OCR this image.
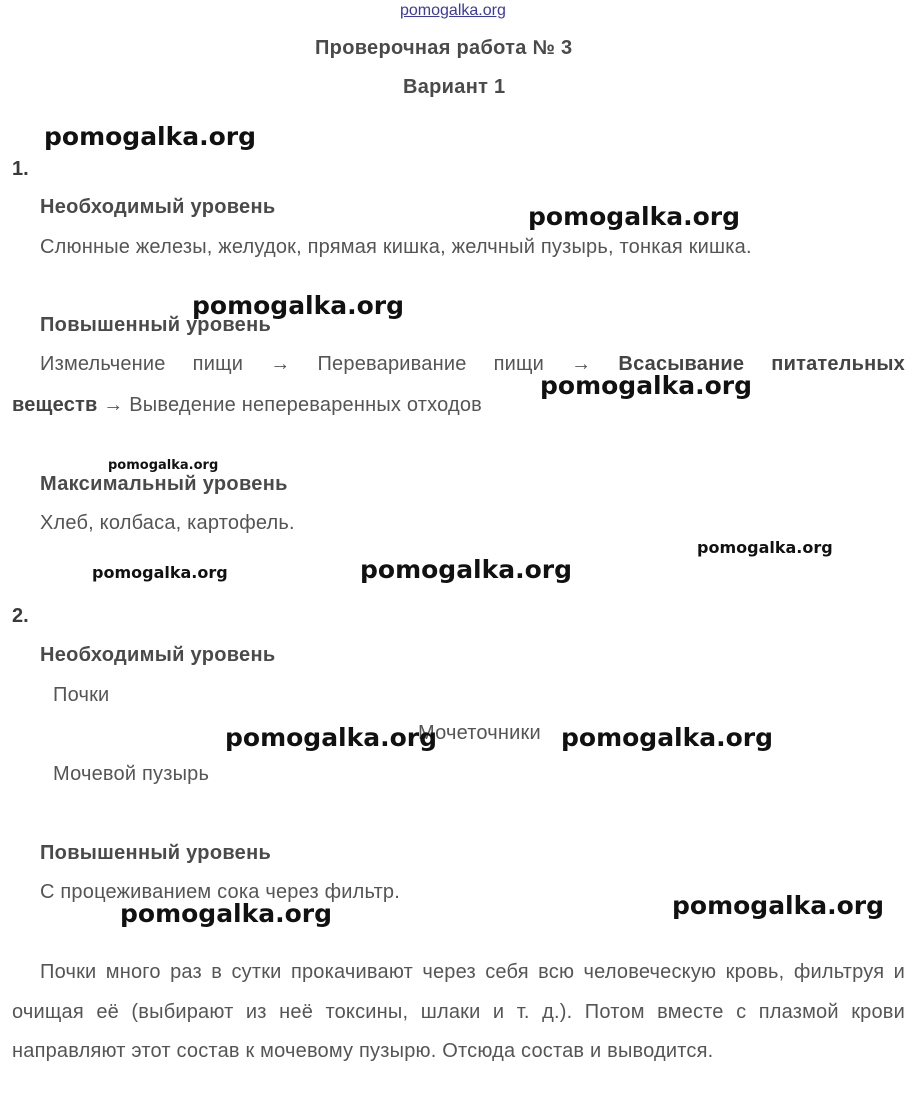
pomogalka.org
Проверочная работа № 3
Вариант 1
1.
Необходимый уровень
Слюнные железы, желудок, прямая кишка, желчный пузырь, тонкая кишка.
Повышенный уровень
Измельчение пищи → Переваривание пищи → Всасывание питательных
веществ → Выведение непереваренных отходов
Максимальный уровень
Хлеб, колбаса, картофель.
2.
Необходимый уровень
Почки
Мочеточники
Мочевой пузырь
Повышенный уровень
С процеживанием сока через фильтр.
Почки много раз в сутки прокачивают через себя всю человеческую кровь, фильтруя и очищая её (выбирают из неё токсины, шлаки и т. д.). Потом вместе с плазмой крови направляют этот состав к мочевому пузырю. Отсюда состав и выводится.
pomogalka.org
pomogalka.org
pomogalka.org
pomogalka.org
pomogalka.org
pomogalka.org
pomogalka.org	pomogalka.org
pomogalka.org	pomogalka.org
pomogalka.org
pomogalka.org
